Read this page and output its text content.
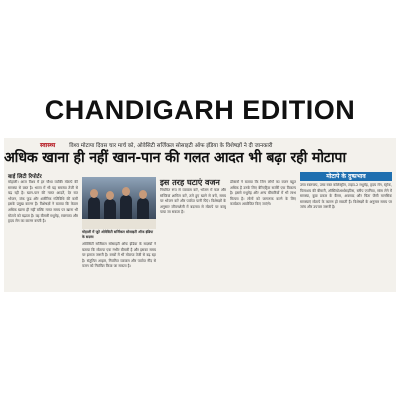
CHANDIGARH EDITION
स्वास्थ्य	विश्व मोटापा दिवस चार मार्च को, ओवेसिटी सर्जिकल सोसाइटी ऑफ इंडिया के विशेषज्ञों ने दी जानकारी
अधिक खाना ही नहीं खान-पान की गलत आदत भी बढ़ा रही मोटापा
बाई लिटी रिपोर्टर

मोहाली। आज विश्व में हर चौथा व्यक्ति मोटापे की समस्या से ग्रस्त है। भारत में भी यह समस्या तेजी से बढ़ रही है। खान-पान की गलत आदतें, देर रात भोजन, जंक फूड और शारीरिक गतिविधि की कमी इसके प्रमुख कारण हैं। विशेषज्ञों ने बताया कि केवल अधिक खाना ही नहीं बल्कि गलत समय पर खाना भी मोटापे को बढ़ाता है। यह बीमारी मधुमेह, रक्तचाप और हृदय रोग का कारण बनती है।

मोहाली में जुटे ओवेसिटी सर्जिकल सोसाइटी ऑफ इंडिया के सदस्य

ओवेसिटी सर्जिकल सोसाइटी ऑफ इंडिया के सदस्यों ने बताया कि मोटापा एक गंभीर बीमारी है और इसका समय पर इलाज जरूरी है। बच्चों में भी मोटापा तेजी से बढ़ रहा है। संतुलित आहार, नियमित व्यायाम और पर्याप्त नींद से वजन को नियंत्रित किया जा सकता है।

इस तरह घटाएं वजन

नियमित रूप से व्यायाम करें, भोजन में फल और सब्जियां शामिल करें, तले हुए खाने से बचें, समय पर भोजन करें और पर्याप्त पानी पिएं। विशेषज्ञों के अनुसार जीवनशैली में बदलाव से मोटापे पर काबू पाया जा सकता है।

डॉक्टरों ने बताया कि जिन लोगों का वजन बहुत अधिक है उनके लिए बेरिएट्रिक सर्जरी एक विकल्प है। इससे मधुमेह और अन्य बीमारियों में भी लाभ मिलता है। लोगों को जागरूक करने के लिए कार्यक्रम आयोजित किए जाएंगे।

मोटापे के दुष्प्रभाव
उच्च रक्तचाप, उच्च रक्त कोलेस्ट्रॉल, टाइप-2 मधुमेह, हृदय रोग, स्ट्रोक, पित्ताशय की बीमारी, ऑस्टियोआर्थराइटिस, स्लीप एपनिया, सांस लेने में समस्या, कुछ प्रकार के कैंसर, अवसाद और चिंता जैसी मानसिक समस्याएं मोटापे के कारण हो सकती हैं। विशेषज्ञों के अनुसार समय पर जांच और उपचार जरूरी है।
